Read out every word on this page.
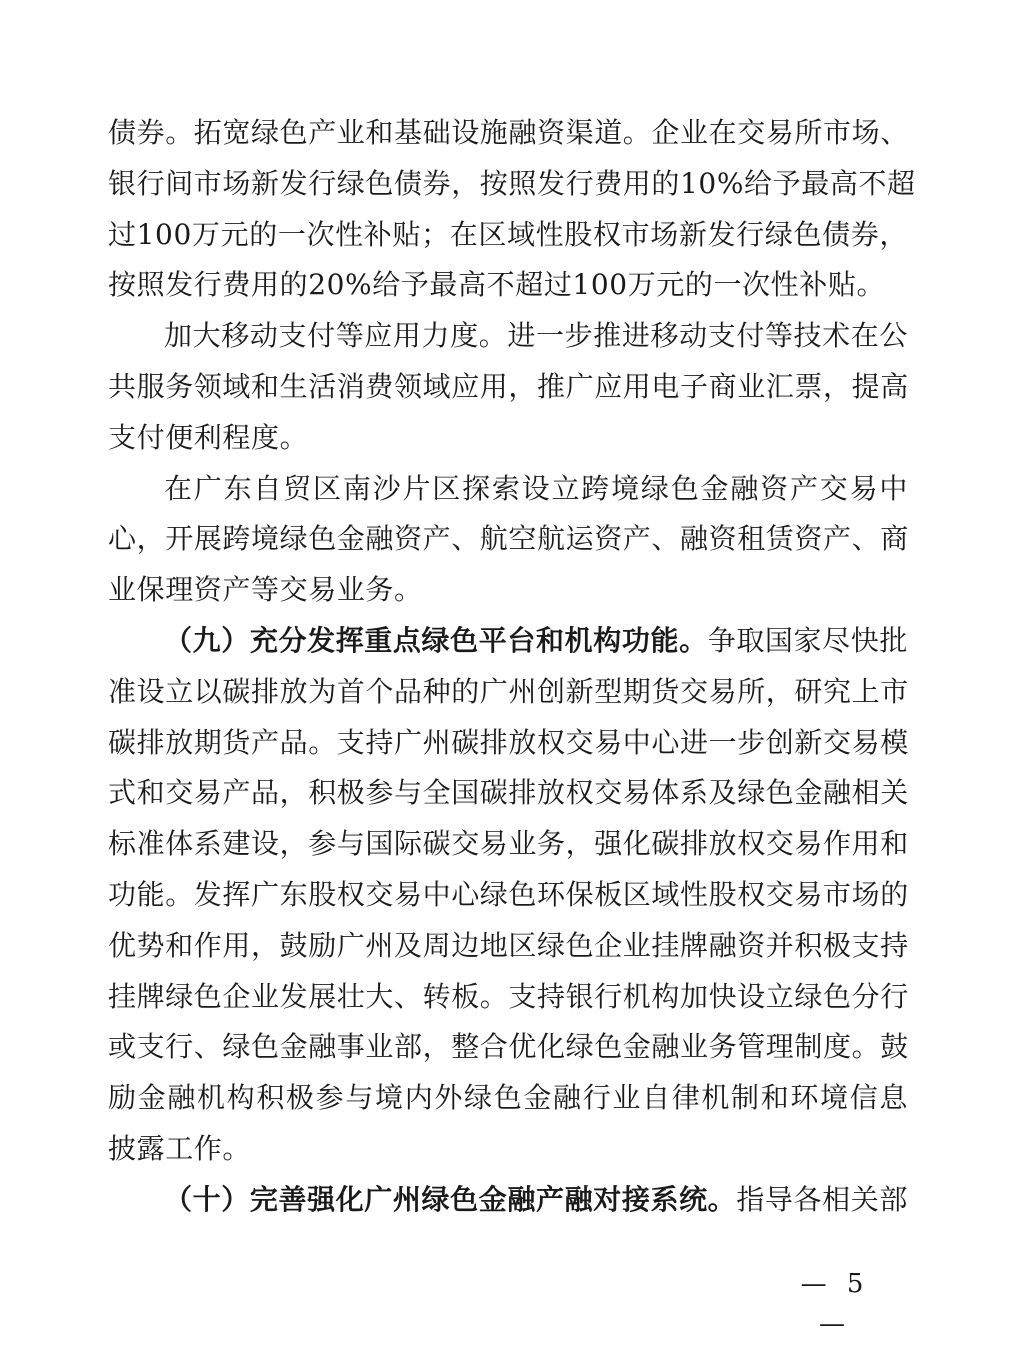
债券。拓宽绿色产业和基础设施融资渠道。企业在交易所市场、
银行间市场新发行绿色债券，按照发行费用的10%给予最高不超
过100万元的一次性补贴；在区域性股权市场新发行绿色债券，
按照发行费用的20%给予最高不超过100万元的一次性补贴。
加大移动支付等应用力度。进一步推进移动支付等技术在公
共服务领域和生活消费领域应用，推广应用电子商业汇票，提高
支付便利程度。
在广东自贸区南沙片区探索设立跨境绿色金融资产交易中
心，开展跨境绿色金融资产、航空航运资产、融资租赁资产、商
业保理资产等交易业务。
（九）充分发挥重点绿色平台和机构功能。争取国家尽快批
准设立以碳排放为首个品种的广州创新型期货交易所，研究上市
碳排放期货产品。支持广州碳排放权交易中心进一步创新交易模
式和交易产品，积极参与全国碳排放权交易体系及绿色金融相关
标准体系建设，参与国际碳交易业务，强化碳排放权交易作用和
功能。发挥广东股权交易中心绿色环保板区域性股权交易市场的
优势和作用，鼓励广州及周边地区绿色企业挂牌融资并积极支持
挂牌绿色企业发展壮大、转板。支持银行机构加快设立绿色分行
或支行、绿色金融事业部，整合优化绿色金融业务管理制度。鼓
励金融机构积极参与境内外绿色金融行业自律机制和环境信息
披露工作。
（十）完善强化广州绿色金融产融对接系统。指导各相关部
— 5 —
